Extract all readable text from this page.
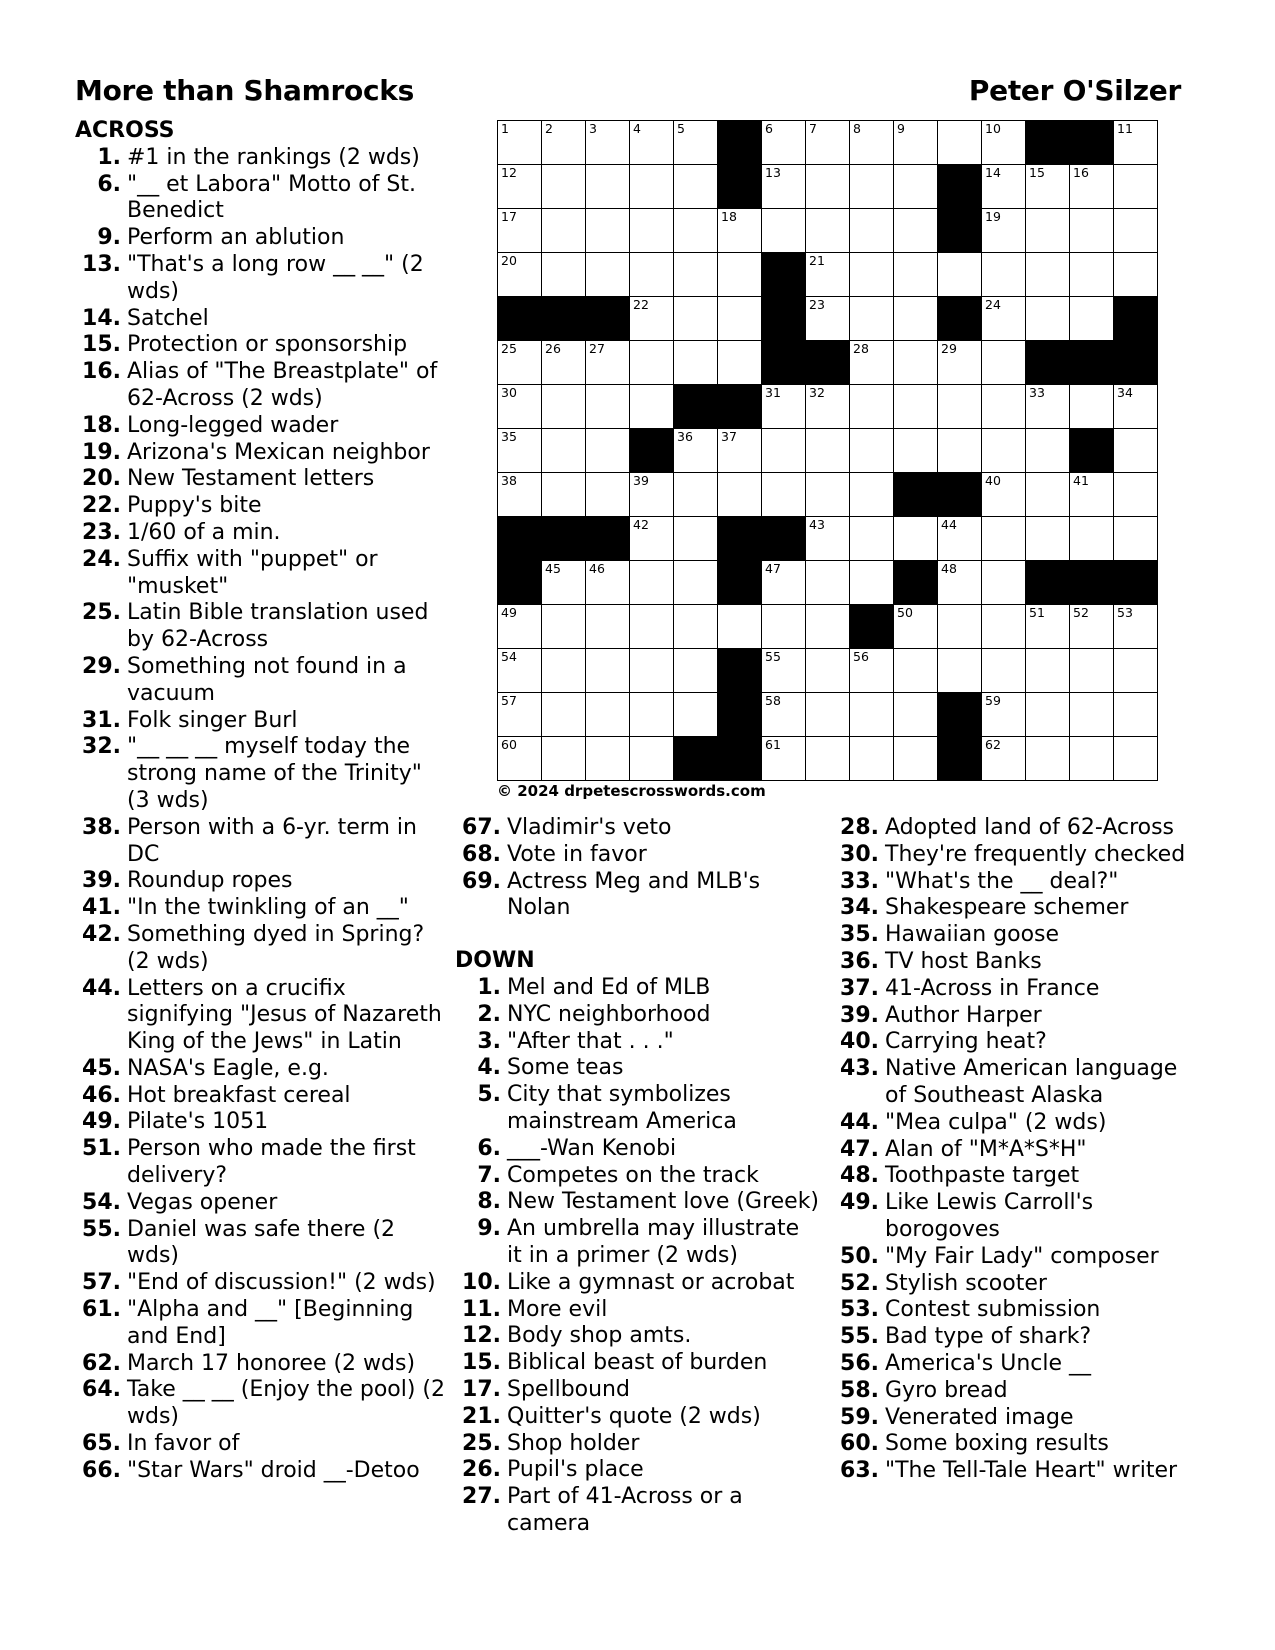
More than Shamrocks	Peter O'Silzer
ACROSS
1. #1 in the rankings (2 wds)
6. "__ et Labora" Motto of St. Benedict
9. Perform an ablution
13. "That's a long row __ __" (2 wds)
14. Satchel
15. Protection or sponsorship
16. Alias of "The Breastplate" of 62-Across (2 wds)
18. Long-legged wader
19. Arizona's Mexican neighbor
20. New Testament letters
22. Puppy's bite
23. 1/60 of a min.
24. Suffix with "puppet" or "musket"
25. Latin Bible translation used by 62-Across
29. Something not found in a vacuum
31. Folk singer Burl
32. "__ __ __ myself today the strong name of the Trinity" (3 wds)
38. Person with a 6-yr. term in DC
39. Roundup ropes
41. "In the twinkling of an __"
42. Something dyed in Spring? (2 wds)
44. Letters on a crucifix signifying "Jesus of Nazareth King of the Jews" in Latin
45. NASA's Eagle, e.g.
46. Hot breakfast cereal
49. Pilate's 1051
51. Person who made the first delivery?
54. Vegas opener
55. Daniel was safe there (2 wds)
57. "End of discussion!" (2 wds)
61. "Alpha and __" [Beginning and End]
62. March 17 honoree (2 wds)
64. Take __ __ (Enjoy the pool) (2 wds)
65. In favor of
66. "Star Wars" droid __-Detoo
1	2	3	4	5	6	7	8	9	10	11
12	13	14 15 16
17	18	19
20	21
22	23	24
25 26 27	28	29
30	31 32	33	34
35	36 37
38	39	40	41
42	43	44
45 46	47	48
49	50	51 52 53
54	55	56
57	58	59
60	61	62
© 2024 drpetescrosswords.com
67. Vladimir's veto
68. Vote in favor
69. Actress Meg and MLB's Nolan
DOWN
1. Mel and Ed of MLB
2. NYC neighborhood
3. "After that . . ."
4. Some teas
5. City that symbolizes mainstream America
6. ___-Wan Kenobi
7. Competes on the track
8. New Testament love (Greek)
9. An umbrella may illustrate it in a primer (2 wds)
10. Like a gymnast or acrobat
11. More evil
12. Body shop amts.
15. Biblical beast of burden
17. Spellbound
21. Quitter's quote (2 wds)
25. Shop holder
26. Pupil's place
27. Part of 41-Across or a camera
28. Adopted land of 62-Across
30. They're frequently checked
33. "What's the __ deal?"
34. Shakespeare schemer
35. Hawaiian goose
36. TV host Banks
37. 41-Across in France
39. Author Harper
40. Carrying heat?
43. Native American language of Southeast Alaska
44. "Mea culpa" (2 wds)
47. Alan of "M*A*S*H"
48. Toothpaste target
49. Like Lewis Carroll's borogoves
50. "My Fair Lady" composer
52. Stylish scooter
53. Contest submission
55. Bad type of shark?
56. America's Uncle __
58. Gyro bread
59. Venerated image
60. Some boxing results
63. "The Tell-Tale Heart" writer
